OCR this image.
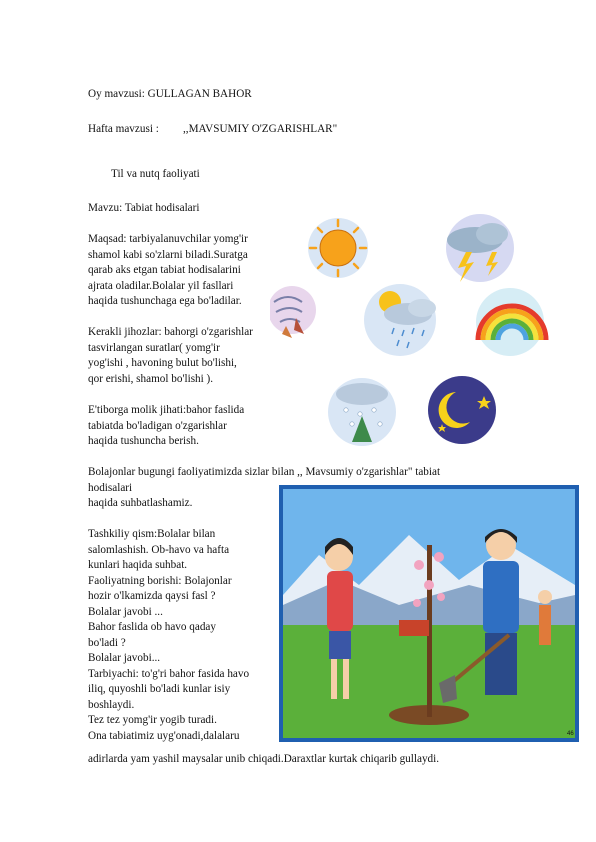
Oy mavzusi: GULLAGAN BAHOR
Hafta mavzusi : ,,MAVSUMIY O'ZGARISHLAR"
Til va nutq faoliyati
Mavzu: Tabiat hodisalari
Maqsad: tarbiyalanuvchilar yomg'ir
shamol kabi so'zlarni biladi.Suratga
qarab aks etgan tabiat hodisalarini
ajrata oladilar.Bolalar yil fasllari
haqida tushunchaga ega bo'ladilar.
Kerakli jihozlar: bahorgi o'zgarishlar
tasvirlangan suratlar( yomg'ir
yog'ishi , havoning bulut bo'lishi,
qor erishi, shamol bo'lishi ).
E'tiborga molik jihati:bahor faslida
tabiatda bo'ladigan o'zgarishlar
haqida tushuncha berish.
Bolajonlar bugungi faoliyatimizda sizlar bilan ,, Mavsumiy o'zgarishlar" tabiat
hodisalari
haqida suhbatlashamiz.
Tashkiliy qism:Bolalar bilan
salomlashish. Ob-havo va hafta
kunlari haqida suhbat.
Faoliyatning borishi: Bolajonlar
hozir o'lkamizda qaysi fasl ?
Bolalar javobi ...
Bahor faslida ob havo qaday
bo'ladi ?
Bolalar javobi...
Tarbiyachi: to'g'ri bahor fasida havo
iliq, quyoshli bo'ladi kunlar isiy
boshlaydi.
Tez tez yomg'ir yogib turadi.
Ona tabiatimiz uyg'onadi,dalalaru
adirlarda yam yashil maysalar unib chiqadi.Daraxtlar kurtak chiqarib gullaydi.
46
